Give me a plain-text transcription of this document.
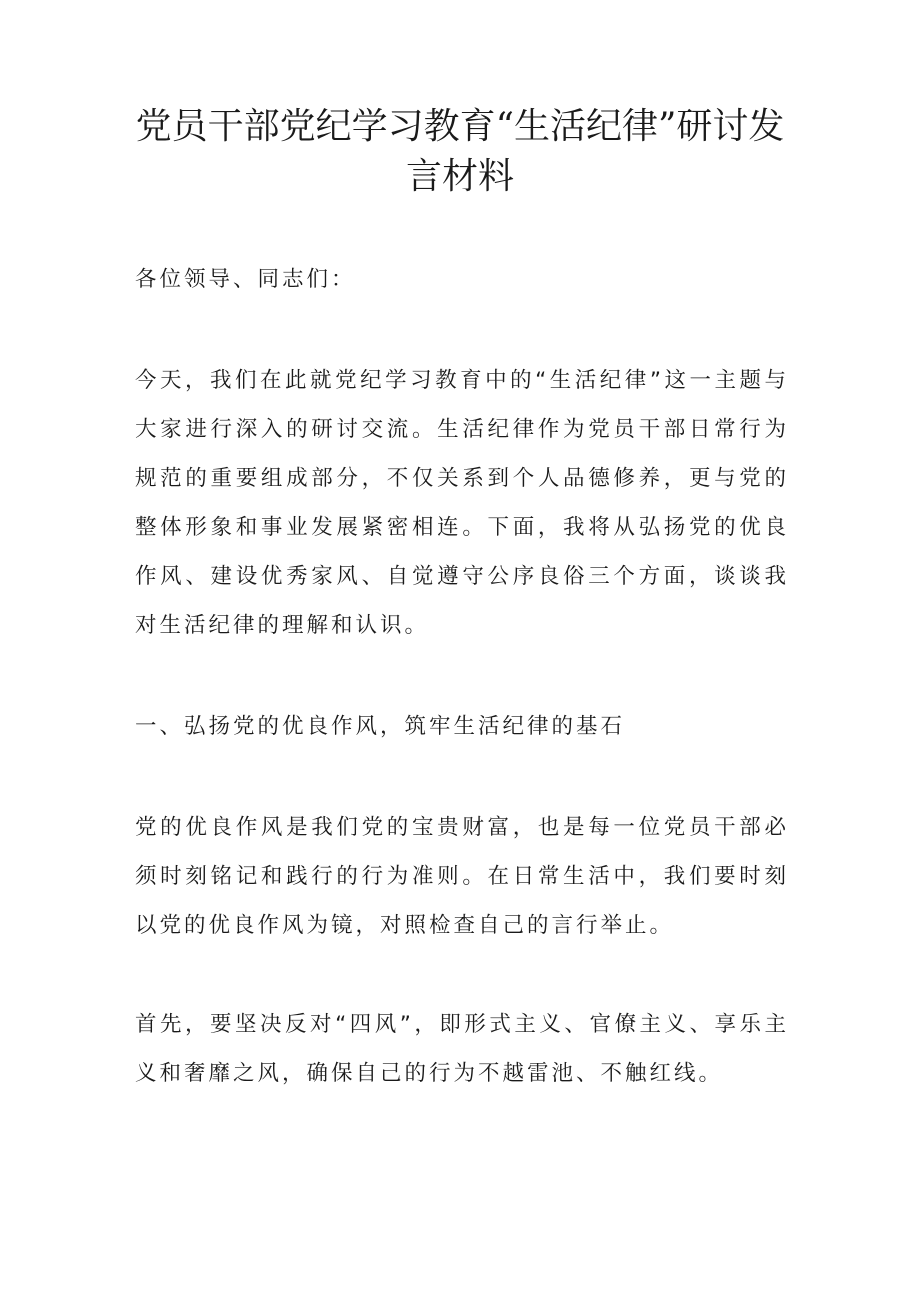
党员干部党纪学习教育“生活纪律”研讨发言材料

各位领导、同志们：

今天，我们在此就党纪学习教育中的“生活纪律”这一主题与大家进行深入的研讨交流。生活纪律作为党员干部日常行为规范的重要组成部分，不仅关系到个人品德修养，更与党的整体形象和事业发展紧密相连。下面，我将从弘扬党的优良作风、建设优秀家风、自觉遵守公序良俗三个方面，谈谈我对生活纪律的理解和认识。

一、弘扬党的优良作风，筑牢生活纪律的基石

党的优良作风是我们党的宝贵财富，也是每一位党员干部必须时刻铭记和践行的行为准则。在日常生活中，我们要时刻以党的优良作风为镜，对照检查自己的言行举止。

首先，要坚决反对“四风”，即形式主义、官僚主义、享乐主义和奢靡之风，确保自己的行为不越雷池、不触红线。
